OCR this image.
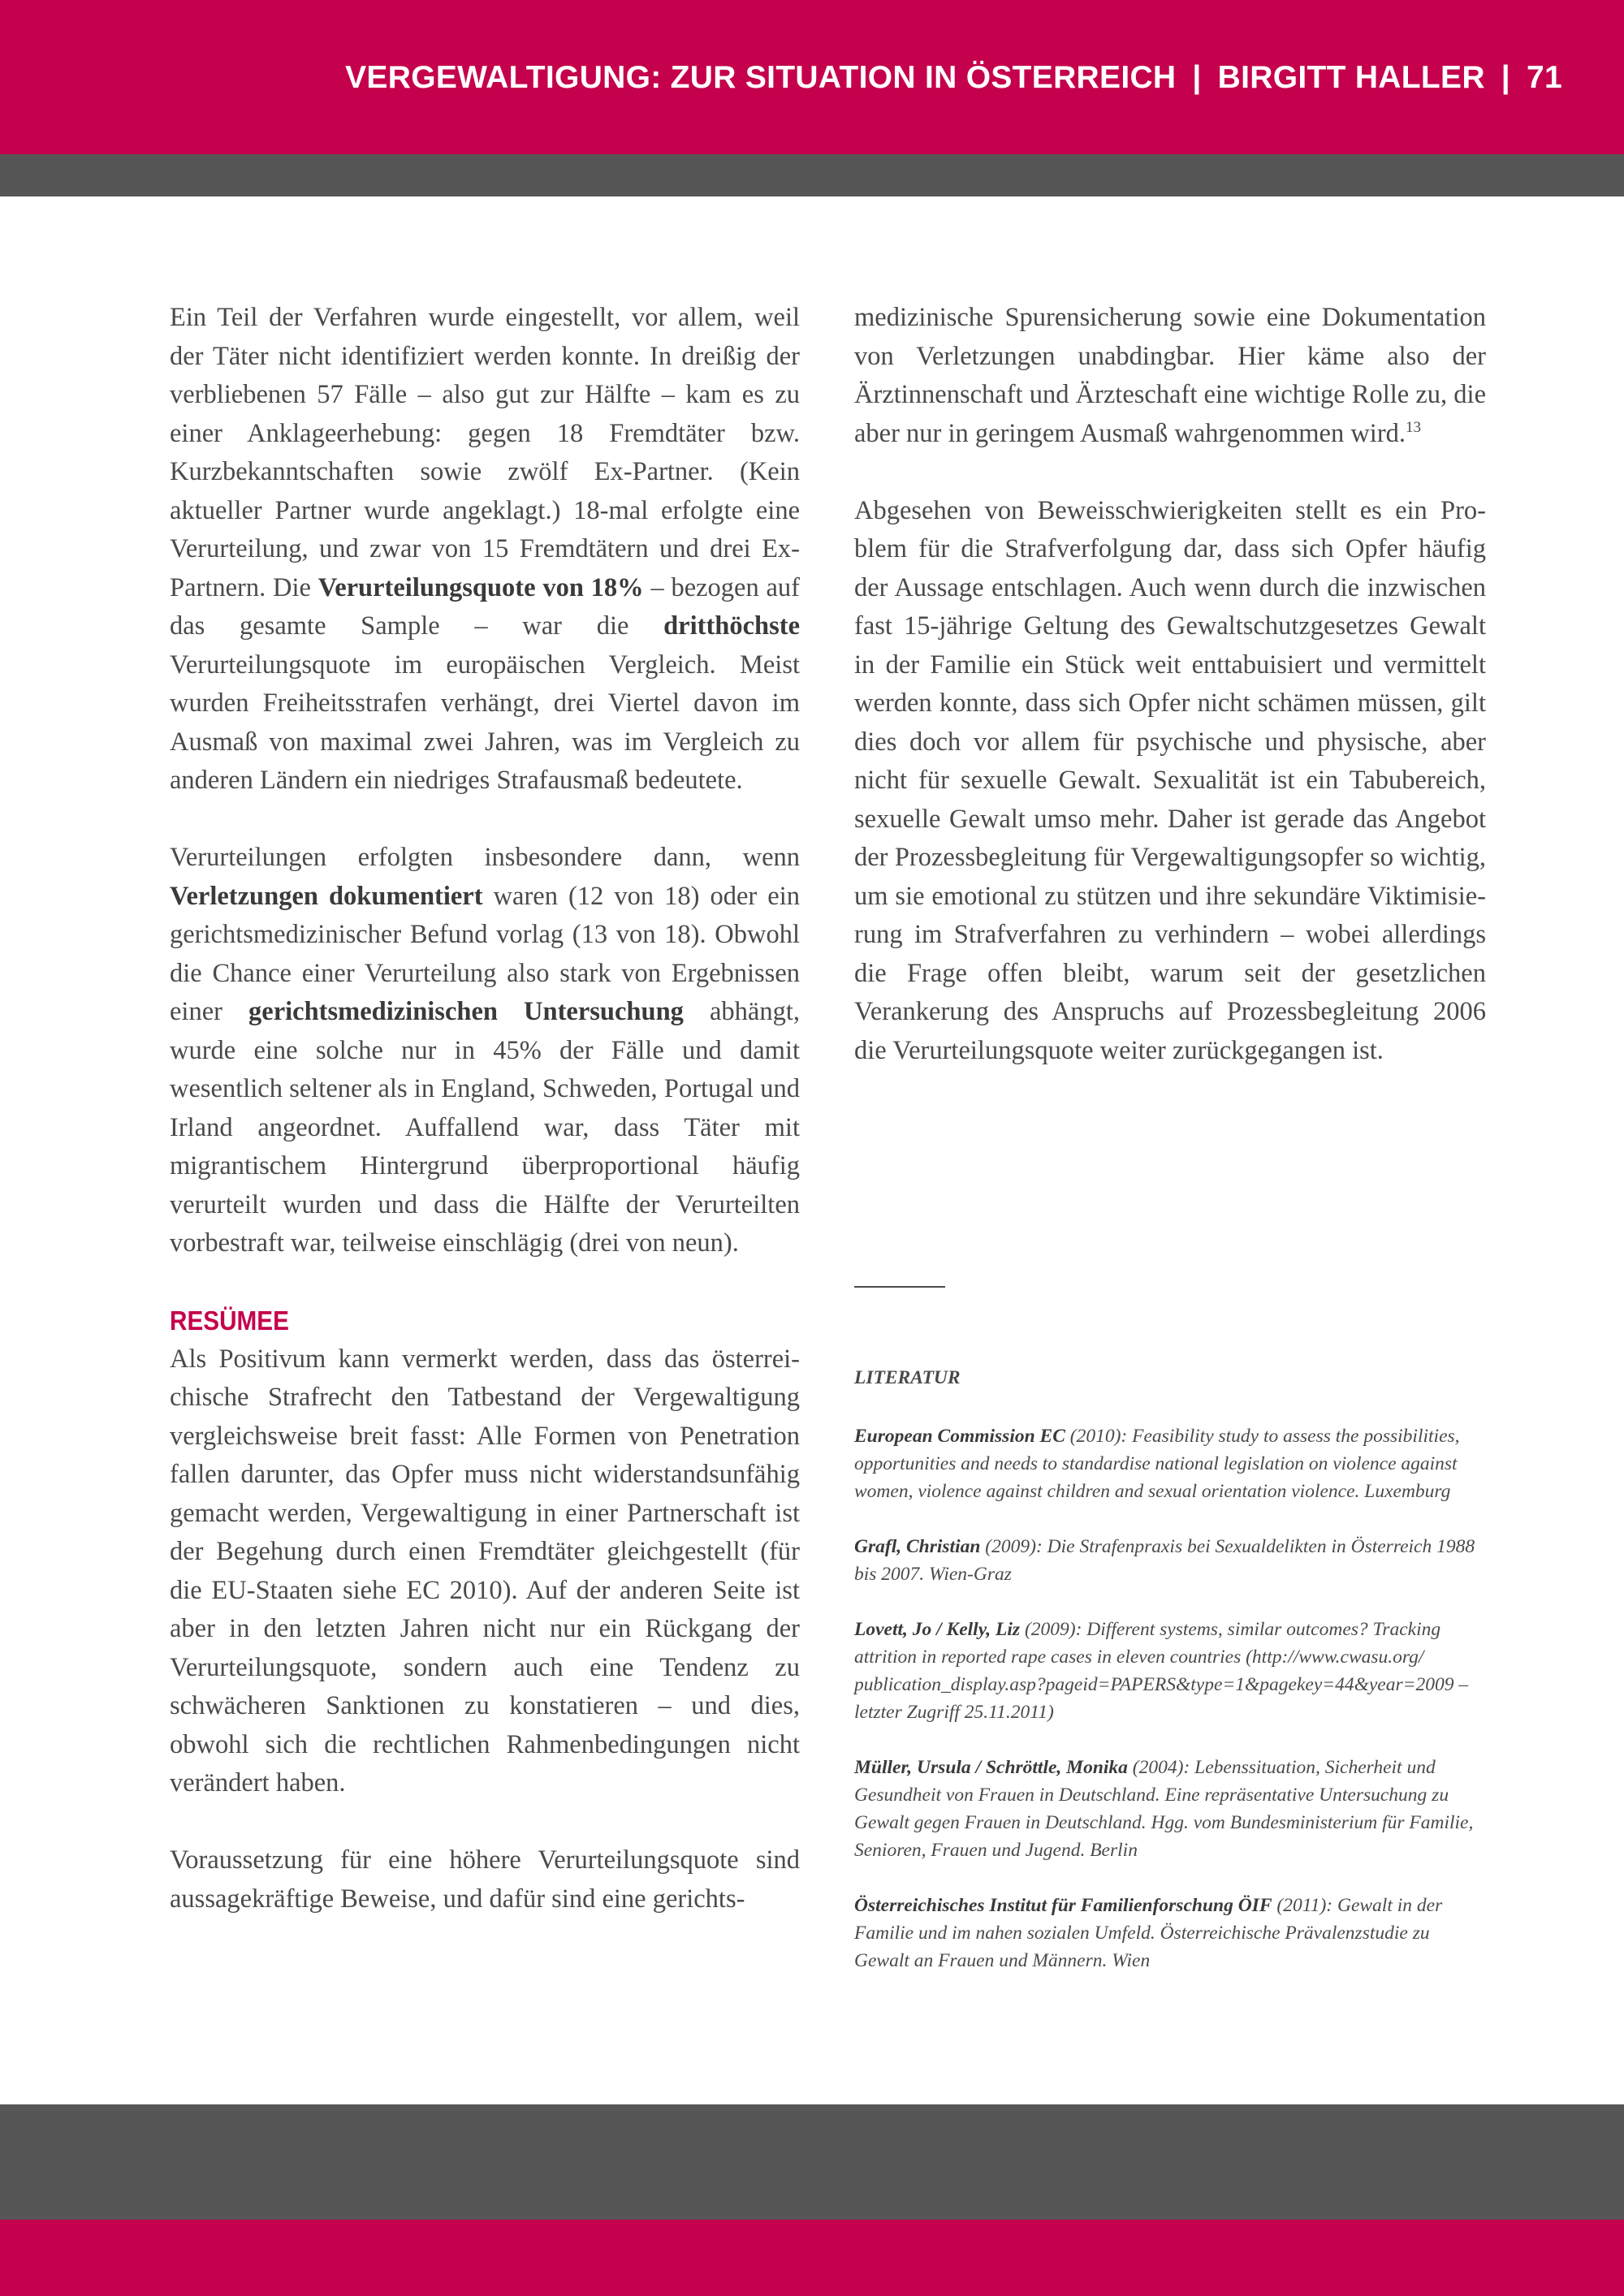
VERGEWALTIGUNG: ZUR SITUATION IN ÖSTERREICH | BIRGITT HALLER | 71

Ein Teil der Verfahren wurde eingestellt, vor allem, weil der Täter nicht identifiziert werden konnte. In dreißig der verbliebenen 57 Fälle – also gut zur Hälfte – kam es zu einer Anklageerhebung: gegen 18 Fremdtäter bzw. Kurzbekanntschaften sowie zwölf Ex-Partner. (Kein aktueller Partner wurde angeklagt.) 18-mal erfolgte eine Verurteilung, und zwar von 15 Fremdtätern und drei Ex-Partnern. Die Verurteilungsquote von 18% – bezogen auf das gesamte Sample – war die dritthöchste Verurteilungsquote im europäischen Vergleich. Meist wurden Freiheitsstrafen verhängt, drei Viertel davon im Ausmaß von maximal zwei Jahren, was im Vergleich zu anderen Ländern ein niedriges Strafausmaß bedeutete.

Verurteilungen erfolgten insbesondere dann, wenn Verletzungen dokumentiert waren (12 von 18) oder ein gerichtsmedizinischer Befund vorlag (13 von 18). Obwohl die Chance einer Verurteilung also stark von Ergebnissen einer gerichtsmedizinischen Untersuchung abhängt, wurde eine solche nur in 45% der Fälle und damit wesentlich seltener als in England, Schweden, Portugal und Irland angeordnet. Auffallend war, dass Täter mit migrantischem Hintergrund überproportional häufig verurteilt wurden und dass die Hälfte der Verurteilten vorbestraft war, teilweise einschlägig (drei von neun).

RESÜMEE

Als Positivum kann vermerkt werden, dass das österreichische Strafrecht den Tatbestand der Vergewaltigung vergleichsweise breit fasst: Alle Formen von Penetration fallen darunter, das Opfer muss nicht widerstandsunfähig gemacht werden, Vergewaltigung in einer Partnerschaft ist der Begehung durch einen Fremdtäter gleichgestellt (für die EU-Staaten siehe EC 2010). Auf der anderen Seite ist aber in den letzten Jahren nicht nur ein Rückgang der Verurteilungsquote, sondern auch eine Tendenz zu schwächeren Sanktionen zu konstatieren – und dies, obwohl sich die rechtlichen Rahmenbedingungen nicht verändert haben.

Voraussetzung für eine höhere Verurteilungsquote sind aussagekräftige Beweise, und dafür sind eine gerichts-

medizinische Spurensicherung sowie eine Dokumentation von Verletzungen unabdingbar. Hier käme also der Ärztinnenschaft und Ärzteschaft eine wichtige Rolle zu, die aber nur in geringem Ausmaß wahrgenommen wird.$^{13}$

Abgesehen von Beweisschwierigkeiten stellt es ein Problem für die Strafverfolgung dar, dass sich Opfer häufig der Aussage entschlagen. Auch wenn durch die inzwischen fast 15-jährige Geltung des Gewaltschutzgesetzes Gewalt in der Familie ein Stück weit enttabuisiert und vermittelt werden konnte, dass sich Opfer nicht schämen müssen, gilt dies doch vor allem für psychische und physische, aber nicht für sexuelle Gewalt. Sexualität ist ein Tabubereich, sexuelle Gewalt umso mehr. Daher ist gerade das Angebot der Prozessbegleitung für Vergewaltigungsopfer so wichtig, um sie emotional zu stützen und ihre sekundäre Viktimisierung im Strafverfahren zu verhindern – wobei allerdings die Frage offen bleibt, warum seit der gesetzlichen Verankerung des Anspruchs auf Prozessbegleitung 2006 die Verurteilungsquote weiter zurückgegangen ist.

LITERATUR
European Commission EC (2010): Feasibility study to assess the possibilities, opportunities and needs to standardise national legislation on violence against women, violence against children and sexual orientation violence. Luxemburg
Grafl, Christian (2009): Die Strafenpraxis bei Sexualdelikten in Österreich 1988 bis 2007. Wien-Graz
Lovett, Jo / Kelly, Liz (2009): Different systems, similar outcomes? Tracking attrition in reported rape cases in eleven countries (http://www.cwasu.org/ publication_display.asp?pageid=PAPERS&type=1&pagekey=44&year=2009 – letzter Zugriff 25.11.2011)
Müller, Ursula / Schröttle, Monika (2004): Lebenssituation, Sicherheit und Gesundheit von Frauen in Deutschland. Eine repräsentative Untersuchung zu Gewalt gegen Frauen in Deutschland. Hgg. vom Bundesministerium für Familie, Senioren, Frauen und Jugend. Berlin
Österreichisches Institut für Familienforschung ÖIF (2011): Gewalt in der Familie und im nahen sozialen Umfeld. Österreichische Prävalenzstudie zu Gewalt an Frauen und Männern. Wien
